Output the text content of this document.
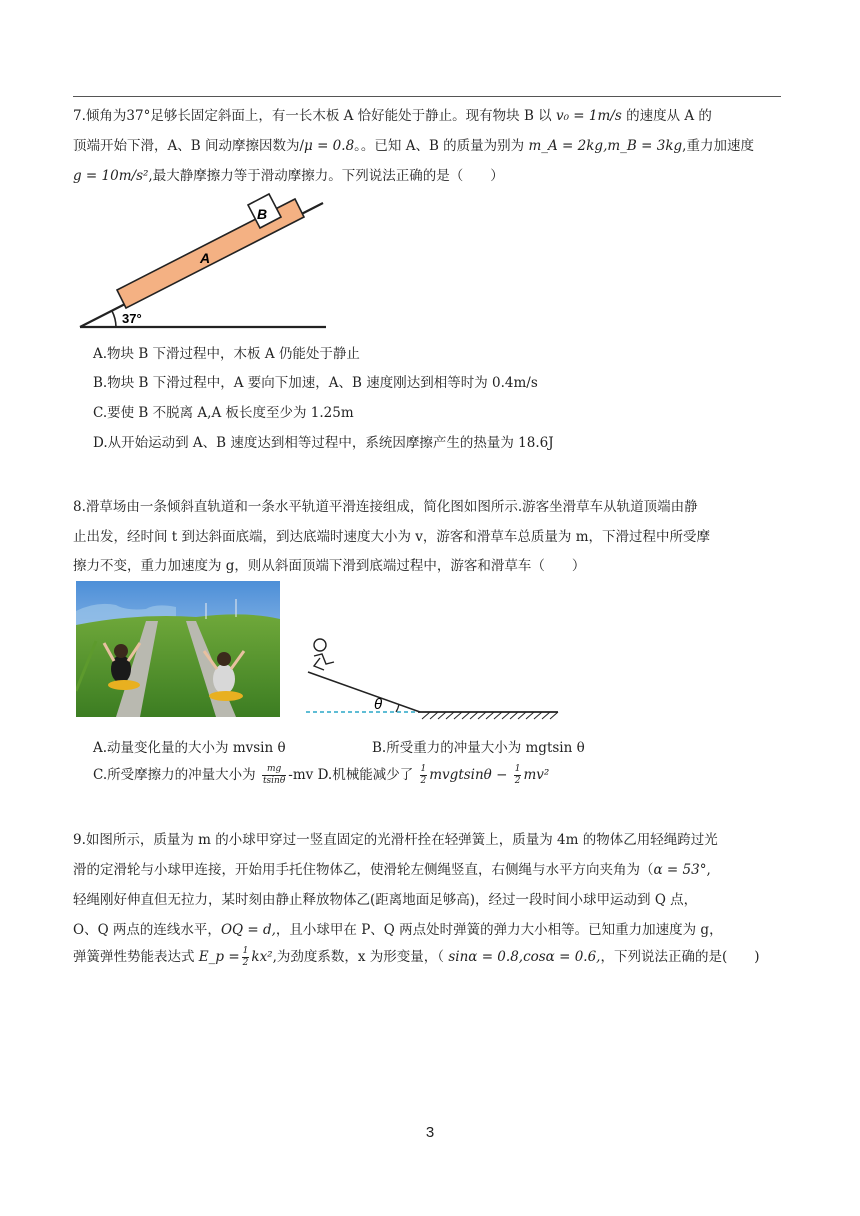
7.倾角为37°足够长固定斜面上，有一长木板 A 恰好能处于静止。现有物块 B 以 v₀ = 1m/s 的速度从 A 的
顶端开始下滑，A、B 间动摩擦因数为/μ = 0.8。。已知 A、B 的质量为别为 m_A = 2kg,m_B = 3kg,重力加速度
g = 10m/s²,最大静摩擦力等于滑动摩擦力。下列说法正确的是（　　）
B
A
37°
A.物块 B 下滑过程中，木板 A 仍能处于静止
B.物块 B 下滑过程中，A 要向下加速，A、B 速度刚达到相等时为 0.4m/s
C.要使 B 不脱离 A,A 板长度至少为 1.25m
D.从开始运动到 A、B 速度达到相等过程中，系统因摩擦产生的热量为 18.6J
8.滑草场由一条倾斜直轨道和一条水平轨道平滑连接组成，简化图如图所示.游客坐滑草车从轨道顶端由静
止出发，经时间 t 到达斜面底端，到达底端时速度大小为 v，游客和滑草车总质量为 m，下滑过程中所受摩
擦力不变，重力加速度为 g，则从斜面顶端下滑到底端过程中，游客和滑草车（　　）
θ
A.动量变化量的大小为 mvsin θ	B.所受重力的冲量大小为 mgtsin θ
C.所受摩擦力的冲量大小为 $\frac{mg}{tsin\theta} -mv$ D.机械能减少了 $\frac{1}{2}$ mvgtsinθ − $\frac{1}{2} mv^2$
9.如图所示，质量为 m 的小球甲穿过一竖直固定的光滑杆拴在轻弹簧上，质量为 4m 的物体乙用轻绳跨过光
滑的定滑轮与小球甲连接，开始用手托住物体乙，使滑轮左侧绳竖直，右侧绳与水平方向夹角为（α = 53°,
轻绳刚好伸直但无拉力，某时刻由静止释放物体乙(距离地面足够高)，经过一段时间小球甲运动到 Q 点，
O、Q 两点的连线水平，OQ = d,，且小球甲在 P、Q 两点处时弹簧的弹力大小相等。已知重力加速度为 g，
弹簧弹性势能表达式 E_p = $\frac{1}{2} kx^2$,为劲度系数，x 为形变量，（ sinα = 0.8,cosα = 0.6,，下列说法正确的是(　　)
3
